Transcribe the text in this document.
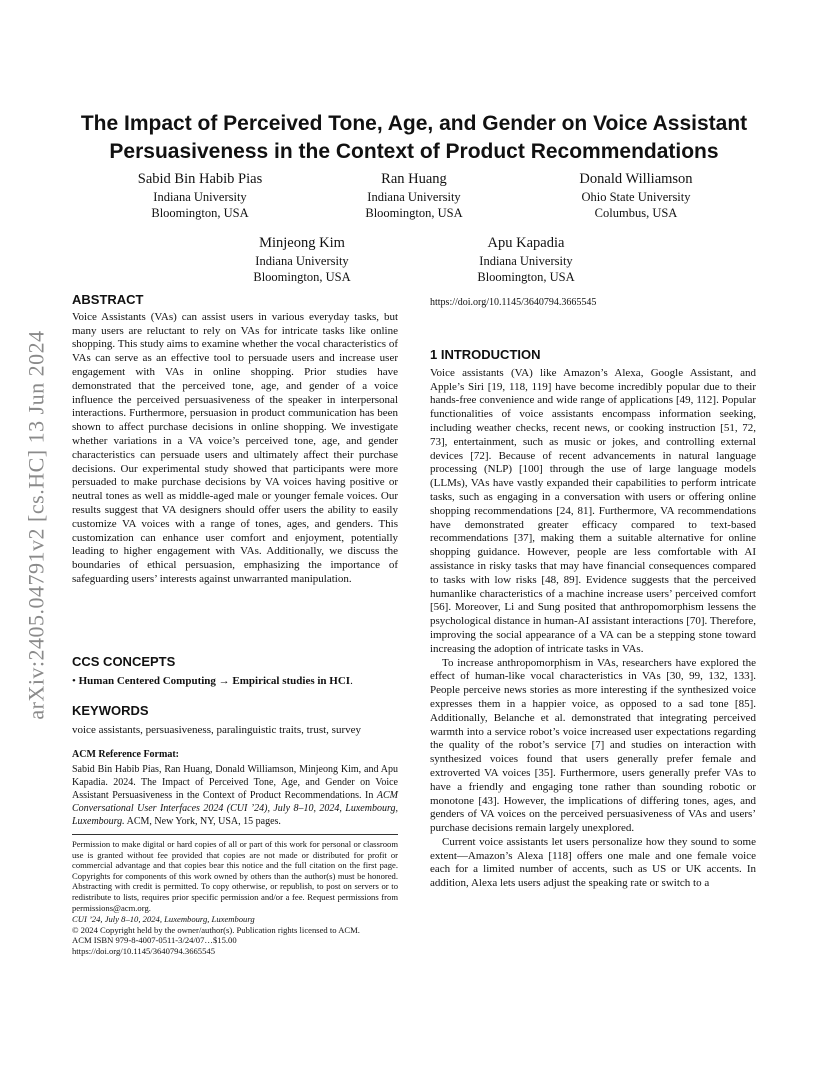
arXiv:2405.04791v2 [cs.HC] 13 Jun 2024
The Impact of Perceived Tone, Age, and Gender on Voice Assistant Persuasiveness in the Context of Product Recommendations
Sabid Bin Habib Pias
Indiana University
Bloomington, USA
Ran Huang
Indiana University
Bloomington, USA
Donald Williamson
Ohio State University
Columbus, USA
Minjeong Kim
Indiana University
Bloomington, USA
Apu Kapadia
Indiana University
Bloomington, USA
ABSTRACT

Voice Assistants (VAs) can assist users in various everyday tasks, but many users are reluctant to rely on VAs for intricate tasks like online shopping. This study aims to examine whether the vocal characteristics of VAs can serve as an effective tool to persuade users and increase user engagement with VAs in online shopping. Prior studies have demonstrated that the perceived tone, age, and gender of a voice influence the perceived persuasiveness of the speaker in interpersonal interactions. Furthermore, persuasion in product communication has been shown to affect purchase decisions in online shopping. We investigate whether variations in a VA voice’s perceived tone, age, and gender characteristics can persuade users and ultimately affect their purchase decisions. Our experimental study showed that participants were more persuaded to make purchase decisions by VA voices having positive or neutral tones as well as middle-aged male or younger female voices. Our results suggest that VA designers should offer users the ability to easily customize VA voices with a range of tones, ages, and genders. This customization can enhance user comfort and enjoyment, potentially leading to higher engagement with VAs. Additionally, we discuss the boundaries of ethical persuasion, emphasizing the importance of safeguarding users’ interests against unwarranted manipulation.

CCS CONCEPTS

• Human Centered Computing → Empirical studies in HCI.

KEYWORDS

voice assistants, persuasiveness, paralinguistic traits, trust, survey

ACM Reference Format:

Sabid Bin Habib Pias, Ran Huang, Donald Williamson, Minjeong Kim, and Apu Kapadia. 2024. The Impact of Perceived Tone, Age, and Gender on Voice Assistant Persuasiveness in the Context of Product Recommendations. In ACM Conversational User Interfaces 2024 (CUI ’24), July 8–10, 2024, Luxembourg, Luxembourg. ACM, New York, NY, USA, 15 pages.

Permission to make digital or hard copies of all or part of this work for personal or classroom use is granted without fee provided that copies are not made or distributed for profit or commercial advantage and that copies bear this notice and the full citation on the first page. Copyrights for components of this work owned by others than the author(s) must be honored. Abstracting with credit is permitted. To copy otherwise, or republish, to post on servers or to redistribute to lists, requires prior specific permission and/or a fee. Request permissions from permissions@acm.org.

CUI ’24, July 8–10, 2024, Luxembourg, Luxembourg
© 2024 Copyright held by the owner/author(s). Publication rights licensed to ACM.
ACM ISBN 979-8-4007-0511-3/24/07…$15.00
https://doi.org/10.1145/3640794.3665545

https://doi.org/10.1145/3640794.3665545

1 INTRODUCTION

Voice assistants (VA) like Amazon’s Alexa, Google Assistant, and Apple’s Siri [19, 118, 119] have become incredibly popular due to their hands-free convenience and wide range of applications [49, 112]. Popular functionalities of voice assistants encompass information seeking, including weather checks, recent news, or cooking instruction [51, 72, 73], entertainment, such as music or jokes, and controlling external devices [72]. Because of recent advancements in natural language processing (NLP) [100] through the use of large language models (LLMs), VAs have vastly expanded their capabilities to perform intricate tasks, such as engaging in a conversation with users or offering online shopping recommendations [24, 81]. Furthermore, VA recommendations have demonstrated greater efficacy compared to text-based recommendations [37], making them a suitable alternative for online shopping guidance. However, people are less comfortable with AI assistance in risky tasks that may have financial consequences compared to tasks with low risks [48, 89]. Evidence suggests that the perceived humanlike characteristics of a machine increase users’ perceived comfort [56]. Moreover, Li and Sung posited that anthropomorphism lessens the psychological distance in human-AI assistant interactions [70]. Therefore, improving the social appearance of a VA can be a stepping stone toward increasing the adoption of intricate tasks in VAs.

To increase anthropomorphism in VAs, researchers have explored the effect of human-like vocal characteristics in VAs [30, 99, 132, 133]. People perceive news stories as more interesting if the synthesized voice expresses them in a happier voice, as opposed to a sad tone [85]. Additionally, Belanche et al. demonstrated that integrating perceived warmth into a service robot’s voice increased user expectations regarding the quality of the robot’s service [7] and studies on interaction with synthesized voices found that users generally prefer female and extroverted VA voices [35]. Furthermore, users generally prefer VAs to have a friendly and engaging tone rather than sounding robotic or monotone [43]. However, the implications of differing tones, ages, and genders of VA voices on the perceived persuasiveness of VAs and users’ purchase decisions remain largely unexplored.

Current voice assistants let users personalize how they sound to some extent—Amazon’s Alexa [118] offers one male and one female voice each for a limited number of accents, such as US or UK accents. In addition, Alexa lets users adjust the speaking rate or switch to a
